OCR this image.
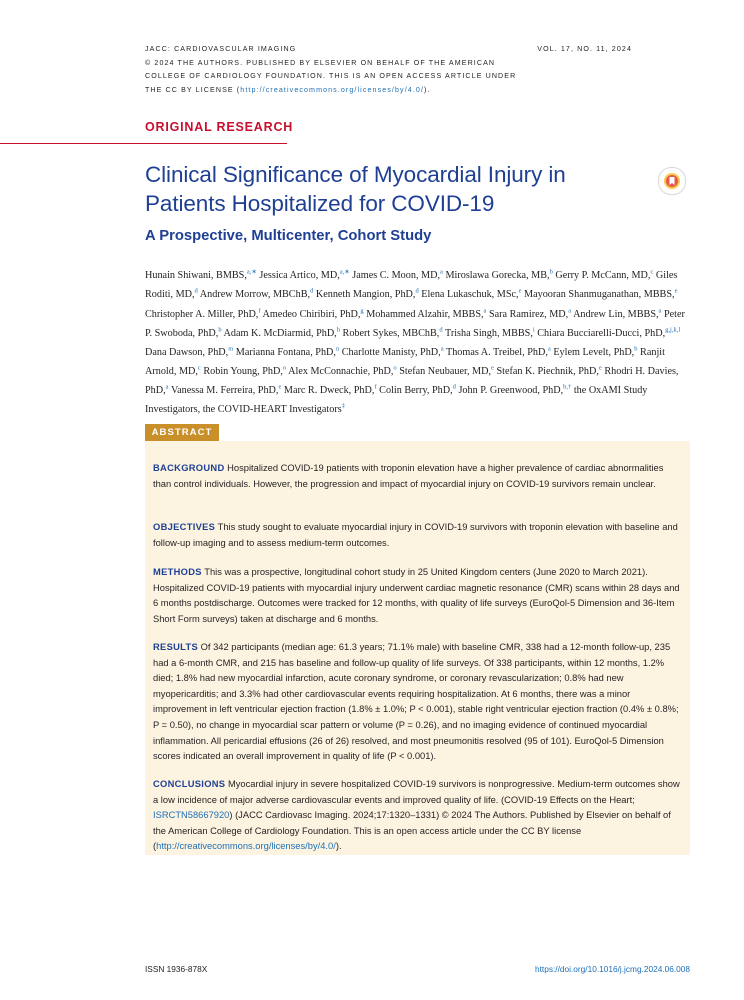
JACC: CARDIOVASCULAR IMAGING
© 2024 THE AUTHORS. PUBLISHED BY ELSEVIER ON BEHALF OF THE AMERICAN
COLLEGE OF CARDIOLOGY FOUNDATION. THIS IS AN OPEN ACCESS ARTICLE UNDER
THE CC BY LICENSE (http://creativecommons.org/licenses/by/4.0/).
VOL. 17, NO. 11, 2024
ORIGINAL RESEARCH
Clinical Significance of Myocardial Injury in Patients Hospitalized for COVID-19
A Prospective, Multicenter, Cohort Study
Hunain Shiwani, BMBS,$^{a,∗}$ Jessica Artico, MD,$^{a,∗}$ James C. Moon, MD,$^a$ Miroslawa Gorecka, MB,$^b$ Gerry P. McCann, MD,$^c$ Giles Roditi, MD,$^d$ Andrew Morrow, MBChB,$^d$ Kenneth Mangion, PhD,$^d$ Elena Lukaschuk, MSc,$^e$ Mayooran Shanmuganathan, MBBS,$^e$ Christopher A. Miller, PhD,$^f$ Amedeo Chiribiri, PhD,$^g$ Mohammed Alzahir, MBBS,$^a$ Sara Ramirez, MD,$^a$ Andrew Lin, MBBS,$^a$ Peter P. Swoboda, PhD,$^b$ Adam K. McDiarmid, PhD,$^h$ Robert Sykes, MBChB,$^d$ Trisha Singh, MBBS,$^i$ Chiara Bucciarelli-Ducci, PhD,$^{g,j,k,l}$ Dana Dawson, PhD,$^m$ Marianna Fontana, PhD,$^n$ Charlotte Manisty, PhD,$^a$ Thomas A. Treibel, PhD,$^a$ Eylem Levelt, PhD,$^b$ Ranjit Arnold, MD,$^c$ Robin Young, PhD,$^o$ Alex McConnachie, PhD,$^o$ Stefan Neubauer, MD,$^e$ Stefan K. Piechnik, PhD,$^e$ Rhodri H. Davies, PhD,$^a$ Vanessa M. Ferreira, PhD,$^e$ Marc R. Dweck, PhD,$^f$ Colin Berry, PhD,$^d$ John P. Greenwood, PhD,$^{b,\dagger}$ the OxAMI Study Investigators, the COVID-HEART Investigators‡
ABSTRACT

BACKGROUND Hospitalized COVID-19 patients with troponin elevation have a higher prevalence of cardiac abnormalities than control individuals. However, the progression and impact of myocardial injury on COVID-19 survivors remain unclear.

OBJECTIVES This study sought to evaluate myocardial injury in COVID-19 survivors with troponin elevation with baseline and follow-up imaging and to assess medium-term outcomes.

METHODS This was a prospective, longitudinal cohort study in 25 United Kingdom centers (June 2020 to March 2021). Hospitalized COVID-19 patients with myocardial injury underwent cardiac magnetic resonance (CMR) scans within 28 days and 6 months postdischarge. Outcomes were tracked for 12 months, with quality of life surveys (EuroQol-5 Dimension and 36-Item Short Form surveys) taken at discharge and 6 months.

RESULTS Of 342 participants (median age: 61.3 years; 71.1% male) with baseline CMR, 338 had a 12-month follow-up, 235 had a 6-month CMR, and 215 has baseline and follow-up quality of life surveys. Of 338 participants, within 12 months, 1.2% died; 1.8% had new myocardial infarction, acute coronary syndrome, or coronary revascularization; 0.8% had new myopericarditis; and 3.3% had other cardiovascular events requiring hospitalization. At 6 months, there was a minor improvement in left ventricular ejection fraction (1.8% ± 1.0%; P < 0.001), stable right ventricular ejection fraction (0.4% ± 0.8%; P = 0.50), no change in myocardial scar pattern or volume (P = 0.26), and no imaging evidence of continued myocardial inflammation. All pericardial effusions (26 of 26) resolved, and most pneumonitis resolved (95 of 101). EuroQol-5 Dimension scores indicated an overall improvement in quality of life (P < 0.001).

CONCLUSIONS Myocardial injury in severe hospitalized COVID-19 survivors is nonprogressive. Medium-term outcomes show a low incidence of major adverse cardiovascular events and improved quality of life. (COVID-19 Effects on the Heart; ISRCTN58667920) (JACC Cardiovasc Imaging. 2024;17:1320–1331) © 2024 The Authors. Published by Elsevier on behalf of the American College of Cardiology Foundation. This is an open access article under the CC BY license (http://creativecommons.org/licenses/by/4.0/).

ISSN 1936-878X	https://doi.org/10.1016/j.jcmg.2024.06.008
